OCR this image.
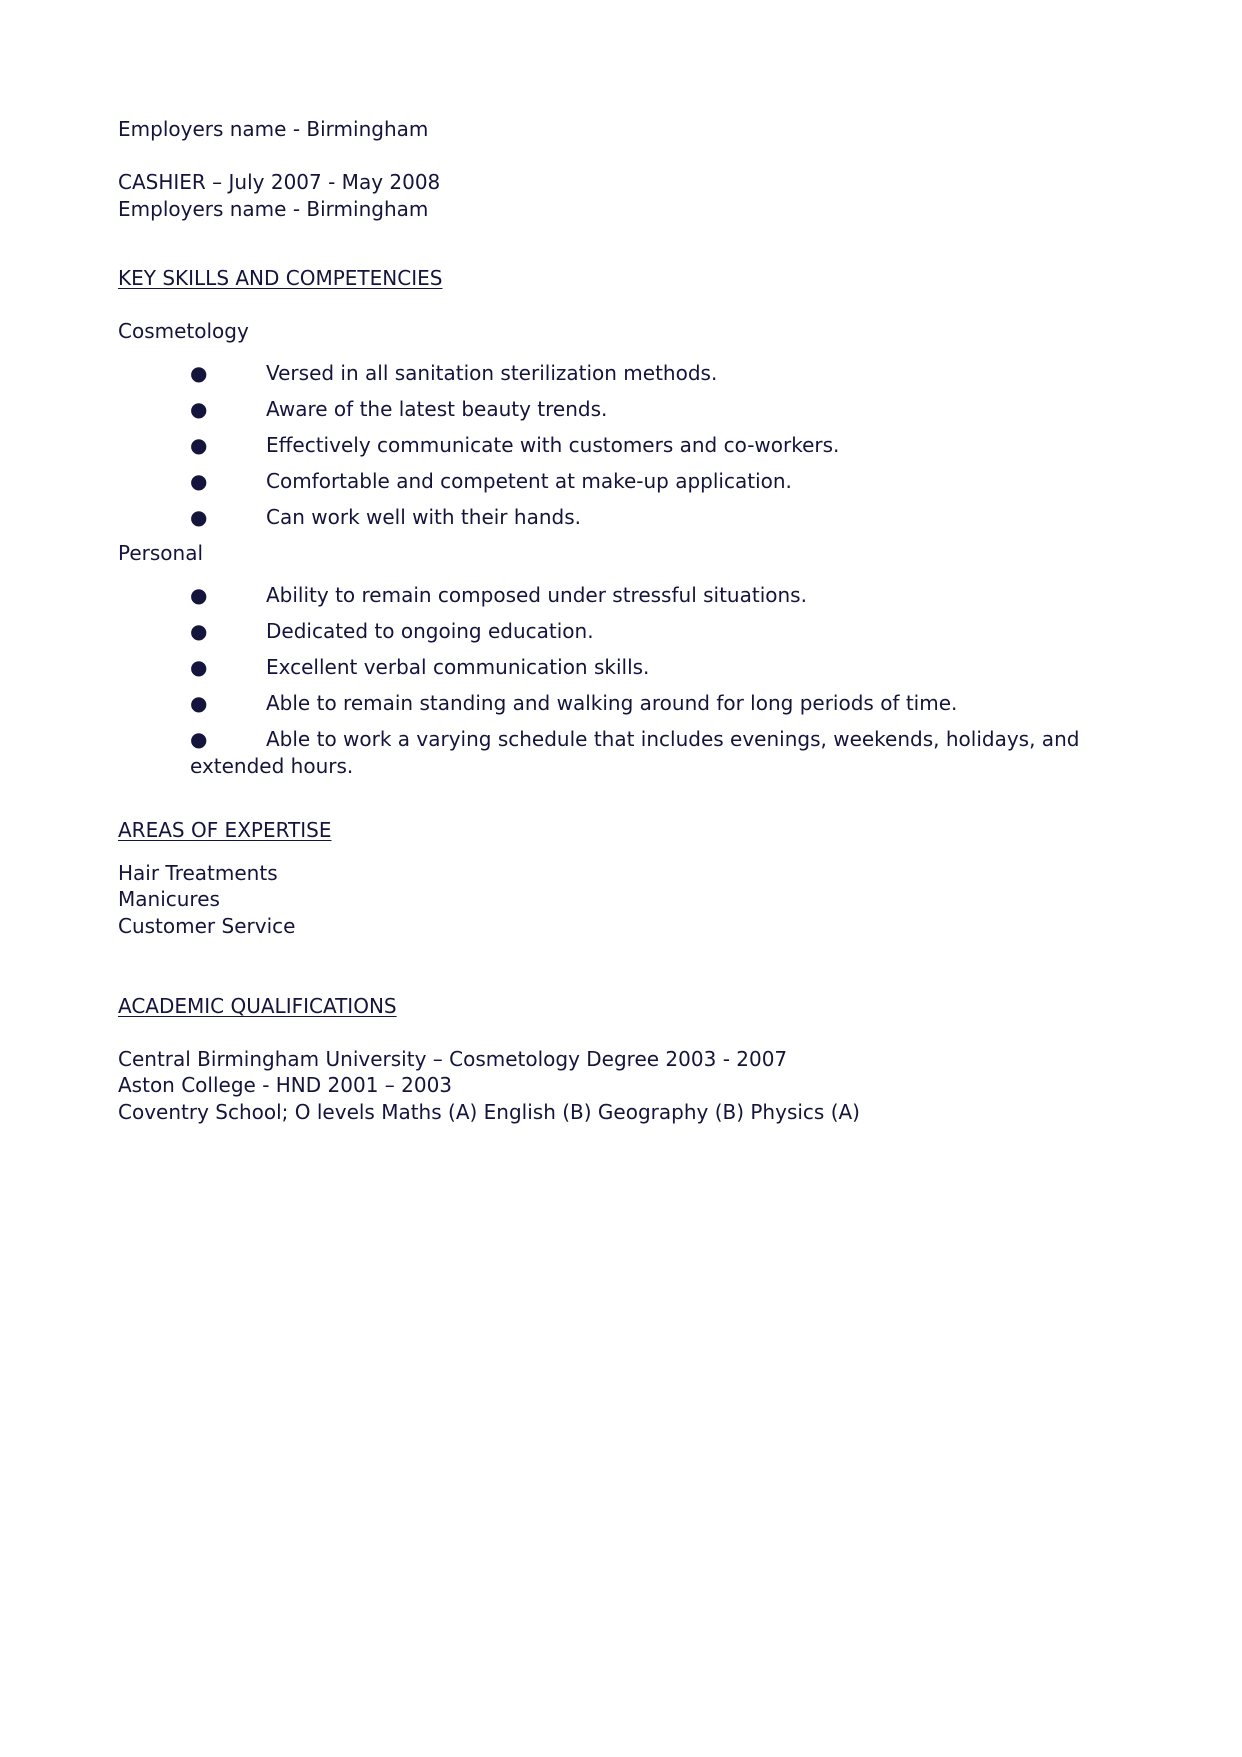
Employers name - Birmingham

CASHIER – July 2007 - May 2008

Employers name - Birmingham

KEY SKILLS AND COMPETENCIES

Cosmetology

●	Versed in all sanitation sterilization methods.
●	Aware of the latest beauty trends.
●	Effectively communicate with customers and co-workers.
●	Comfortable and competent at make-up application.
●	Can work well with their hands.

Personal

●	Ability to remain composed under stressful situations.
●	Dedicated to ongoing education.
●	Excellent verbal communication skills.
●	Able to remain standing and walking around for long periods of time.
●	Able to work a varying schedule that includes evenings, weekends, holidays, and
extended hours.

AREAS OF EXPERTISE

Hair Treatments

Manicures

Customer Service

ACADEMIC QUALIFICATIONS

Central Birmingham University – Cosmetology Degree 2003 - 2007

Aston College - HND 2001 – 2003

Coventry School; O levels Maths (A) English (B) Geography (B) Physics (A)
